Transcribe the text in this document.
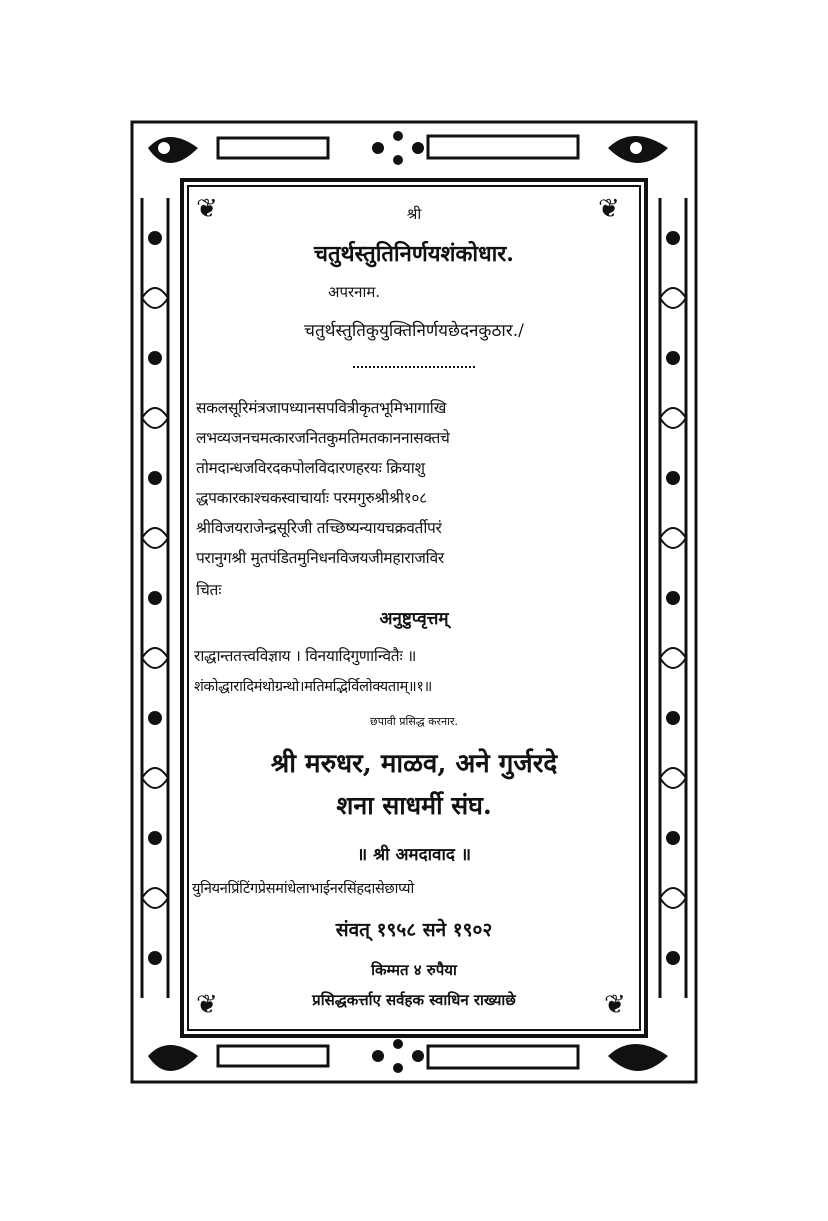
❦	❦
❦	❦
श्री
चतुर्थस्तुतिनिर्णयशंकोधार.
अपरनाम.
चतुर्थस्तुतिकुयुक्तिनिर्णयछेदनकुठार./
सकलसूरिमंत्रजापध्यानसपवित्रीकृतभूमिभागाखि
लभव्यजनचमत्कारजनितकुमतिमतकाननासक्तचे
तोमदान्धजविरदकपोलविदारणहरयः क्रियाशु
द्धपकारकाश्चकस्वाचार्याः परमगुरुश्रीश्री१०८
श्रीविजयराजेन्द्रसूरिजी तच्छिष्यन्यायचक्रवर्तीपरं
परानुगश्री मुतपंडितमुनिधनविजयजीमहाराजविर
चितः
अनुष्टुप्वृत्तम्
राद्धान्ततत्त्वविज्ञाय । विनयादिगुणान्वितैः ॥
शंकोद्धारादिमंथोग्रन्थो।मतिमद्भिर्विलोक्यताम्॥१॥
छपावी प्रसिद्ध करनार.
श्री मरुधर, माळव, अने गुर्जरदे
शना साधर्मी संघ.
॥ श्री अमदावाद ॥
युनियनप्रिंटिंगप्रेसमांधेलाभाईनरसिंहदासेछाप्यो
संवत् १९५८ सने १९०२
किम्मत ४ रुपैया
प्रसिद्धकर्त्ताए सर्वहक स्वाधिन राख्याछे
